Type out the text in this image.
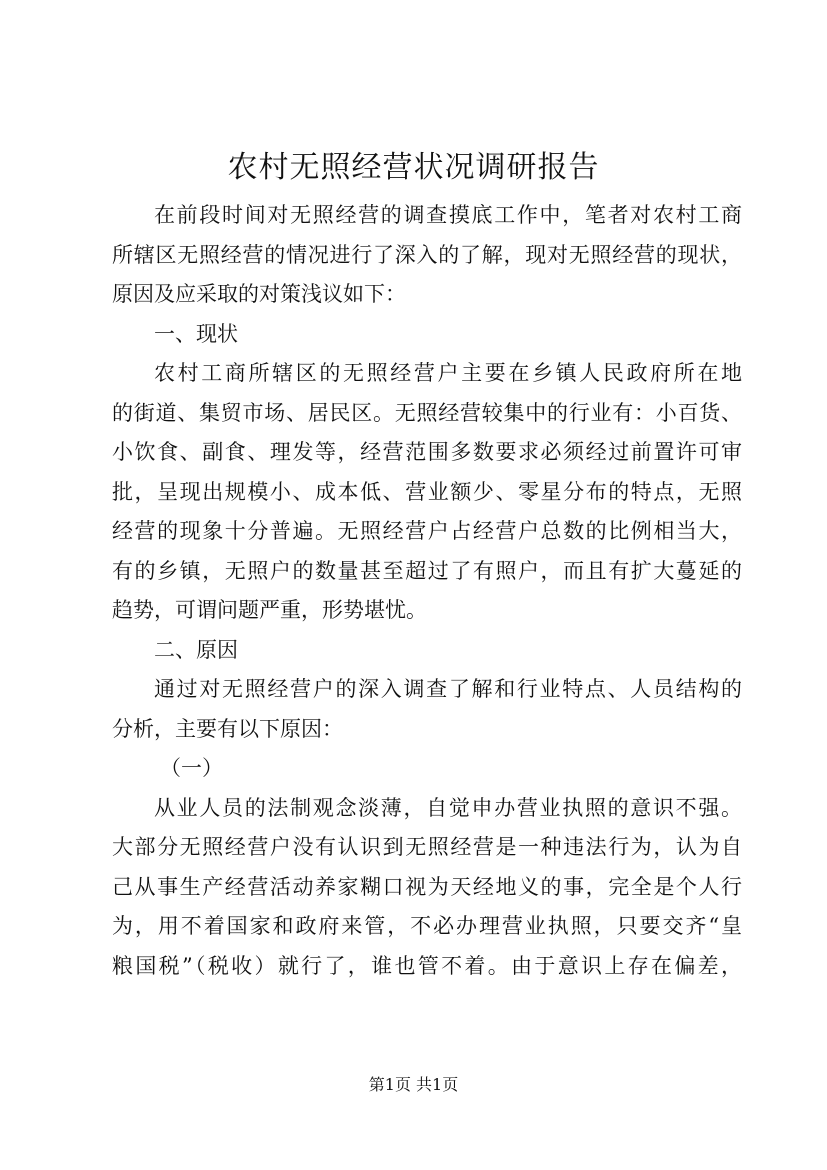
农村无照经营状况调研报告
在前段时间对无照经营的调查摸底工作中，笔者对农村工商
所辖区无照经营的情况进行了深入的了解，现对无照经营的现状，
原因及应采取的对策浅议如下：
一、现状
农村工商所辖区的无照经营户主要在乡镇人民政府所在地
的街道、集贸市场、居民区。无照经营较集中的行业有：小百货、
小饮食、副食、理发等，经营范围多数要求必须经过前置许可审
批，呈现出规模小、成本低、营业额少、零星分布的特点，无照
经营的现象十分普遍。无照经营户占经营户总数的比例相当大，
有的乡镇，无照户的数量甚至超过了有照户，而且有扩大蔓延的
趋势，可谓问题严重，形势堪忧。
二、原因
通过对无照经营户的深入调查了解和行业特点、人员结构的
分析，主要有以下原因：
（一）
从业人员的法制观念淡薄，自觉申办营业执照的意识不强。
大部分无照经营户没有认识到无照经营是一种违法行为，认为自
己从事生产经营活动养家糊口视为天经地义的事，完全是个人行
为，用不着国家和政府来管，不必办理营业执照，只要交齐“皇
粮国税”（税收）就行了，谁也管不着。由于意识上存在偏差，
第1页 共1页
